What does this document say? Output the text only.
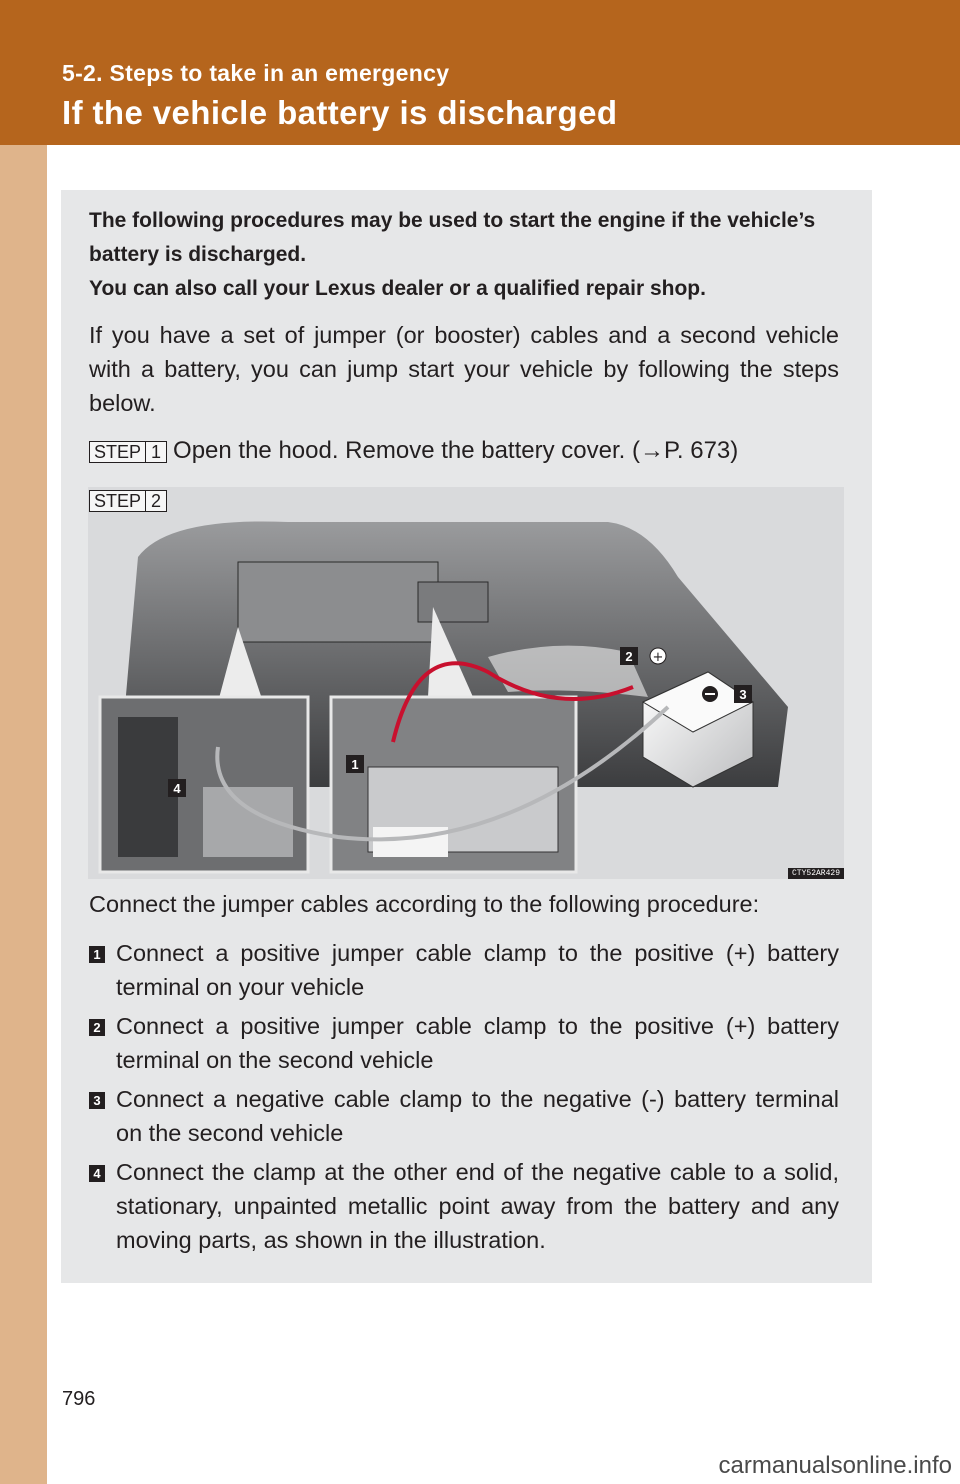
5-2. Steps to take in an emergency
If the vehicle battery is discharged
The following procedures may be used to start the engine if the vehicle’s battery is discharged.
You can also call your Lexus dealer or a qualified repair shop.
If you have a set of jumper (or booster) cables and a second vehicle with a battery, you can jump start your vehicle by following the steps below.
STEP 1 Open the hood. Remove the battery cover. (→P. 673)
2 +
3
1
4
CTY52AR429
STEP 2
Connect the jumper cables according to the following procedure:
1 Connect a positive jumper cable clamp to the positive (+) battery terminal on your vehicle
2 Connect a positive jumper cable clamp to the positive (+) battery terminal on the second vehicle
3 Connect a negative cable clamp to the negative (-) battery terminal on the second vehicle
4 Connect the clamp at the other end of the negative cable to a solid, stationary, unpainted metallic point away from the battery and any moving parts, as shown in the illustration.
796
carmanualsonline.info
